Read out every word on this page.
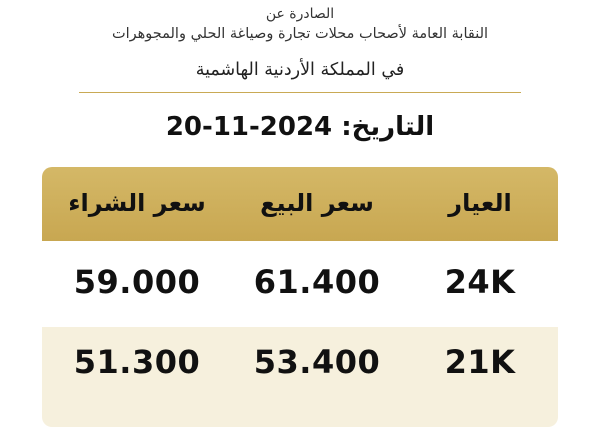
الصادرة عن
النقابة العامة لأصحاب محلات تجارة وصياغة الحلي والمجوهرات
في المملكة الأردنية الهاشمية
التاريخ: 20-11-2024
العيار
سعر البيع
سعر الشراء
24K
61.400
59.000
21K
53.400
51.300
